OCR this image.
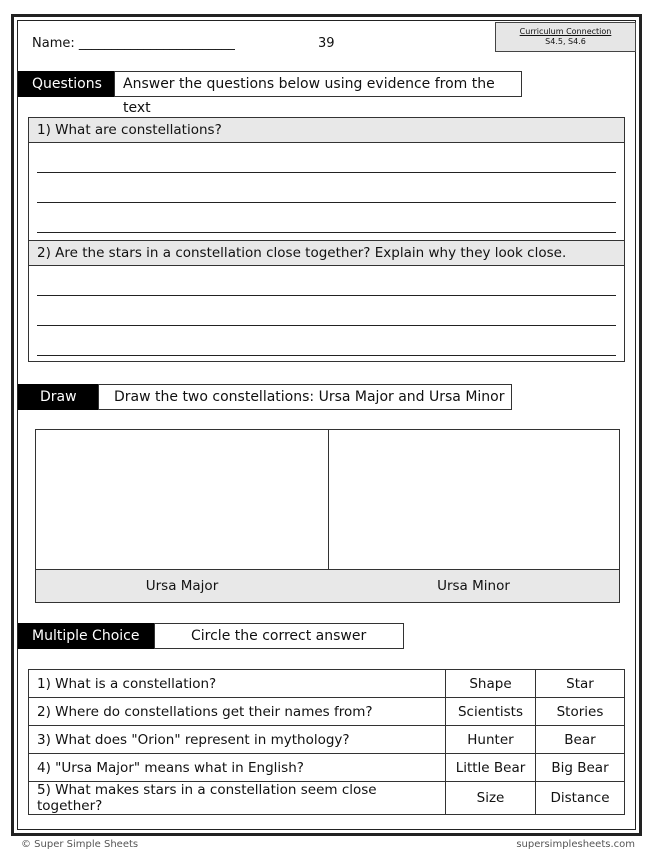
Name: ________________________	39
Curriculum Connection
S4.5, S4.6
Questions	Answer the questions below using evidence from the text
1) What are constellations?
2) Are the stars in a constellation close together? Explain why they look close.
Draw	Draw the two constellations: Ursa Major and Ursa Minor
Ursa Major	Ursa Minor
Multiple Choice	Circle the correct answer
1) What is a constellation?	Shape	Star
2) Where do constellations get their names from?	Scientists	Stories
3) What does "Orion" represent in mythology?	Hunter	Bear
4) "Ursa Major" means what in English?	Little Bear	Big Bear
5) What makes stars in a constellation seem close together?	Size	Distance
© Super Simple Sheets	supersimplesheets.com
